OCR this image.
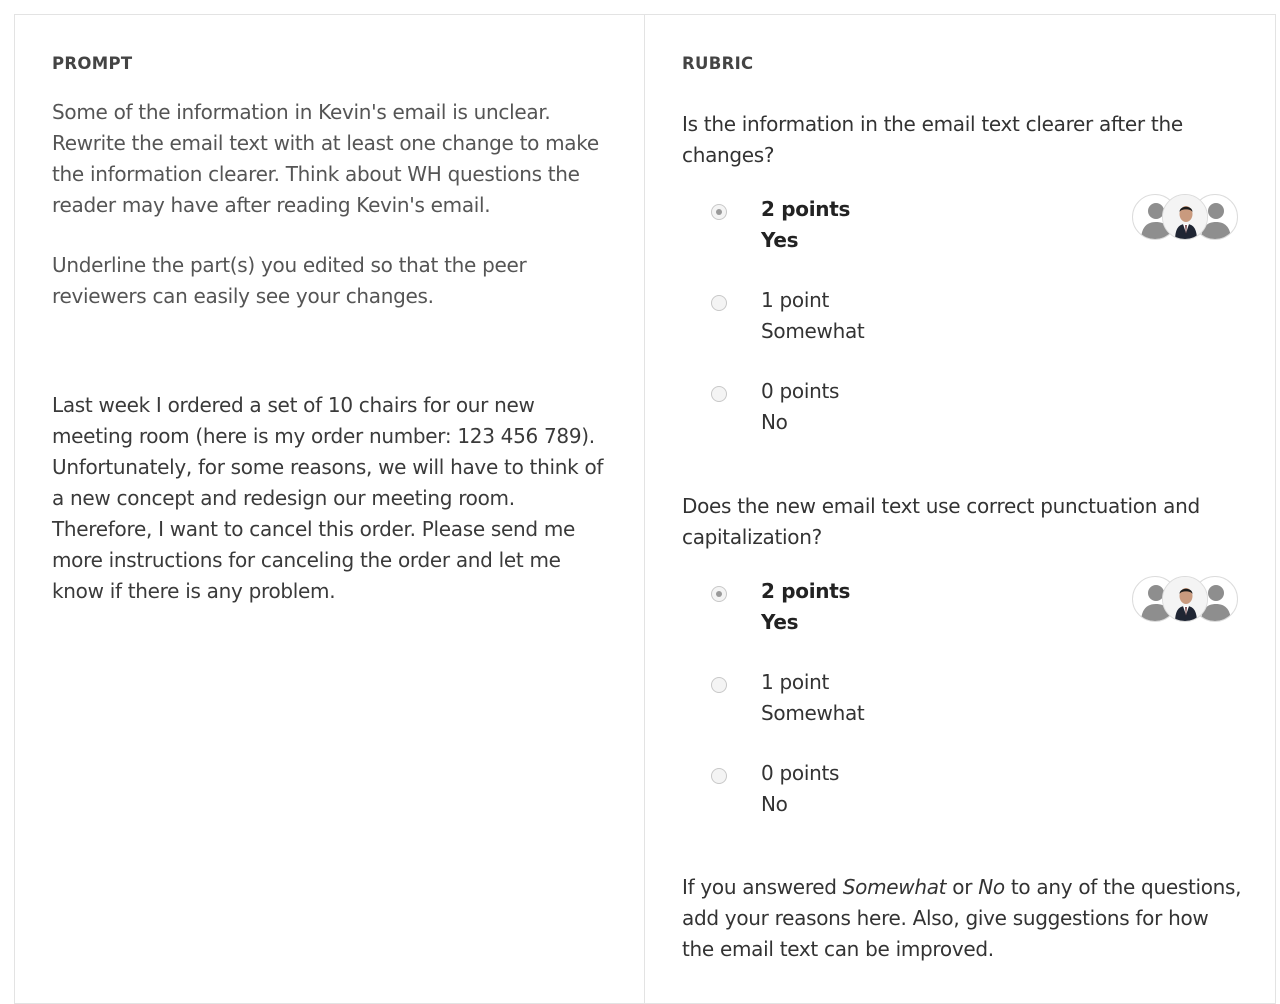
PROMPT
Some of the information in Kevin's email is unclear. Rewrite the email text with at least one change to make the information clearer. Think about WH questions the reader may have after reading Kevin's email.
Underline the part(s) you edited so that the peer reviewers can easily see your changes.
Last week I ordered a set of 10 chairs for our new meeting room (here is my order number: 123 456 789). Unfortunately, for some reasons, we will have to think of a new concept and redesign our meeting room. Therefore, I want to cancel this order. Please send me more instructions for canceling the order and let me know if there is any problem.
RUBRIC
Is the information in the email text clearer after the changes?
2 points
Yes
1 point
Somewhat
0 points
No
Does the new email text use correct punctuation and capitalization?
2 points
Yes
1 point
Somewhat
0 points
No
If you answered Somewhat or No to any of the questions, add your reasons here. Also, give suggestions for how the email text can be improved.
